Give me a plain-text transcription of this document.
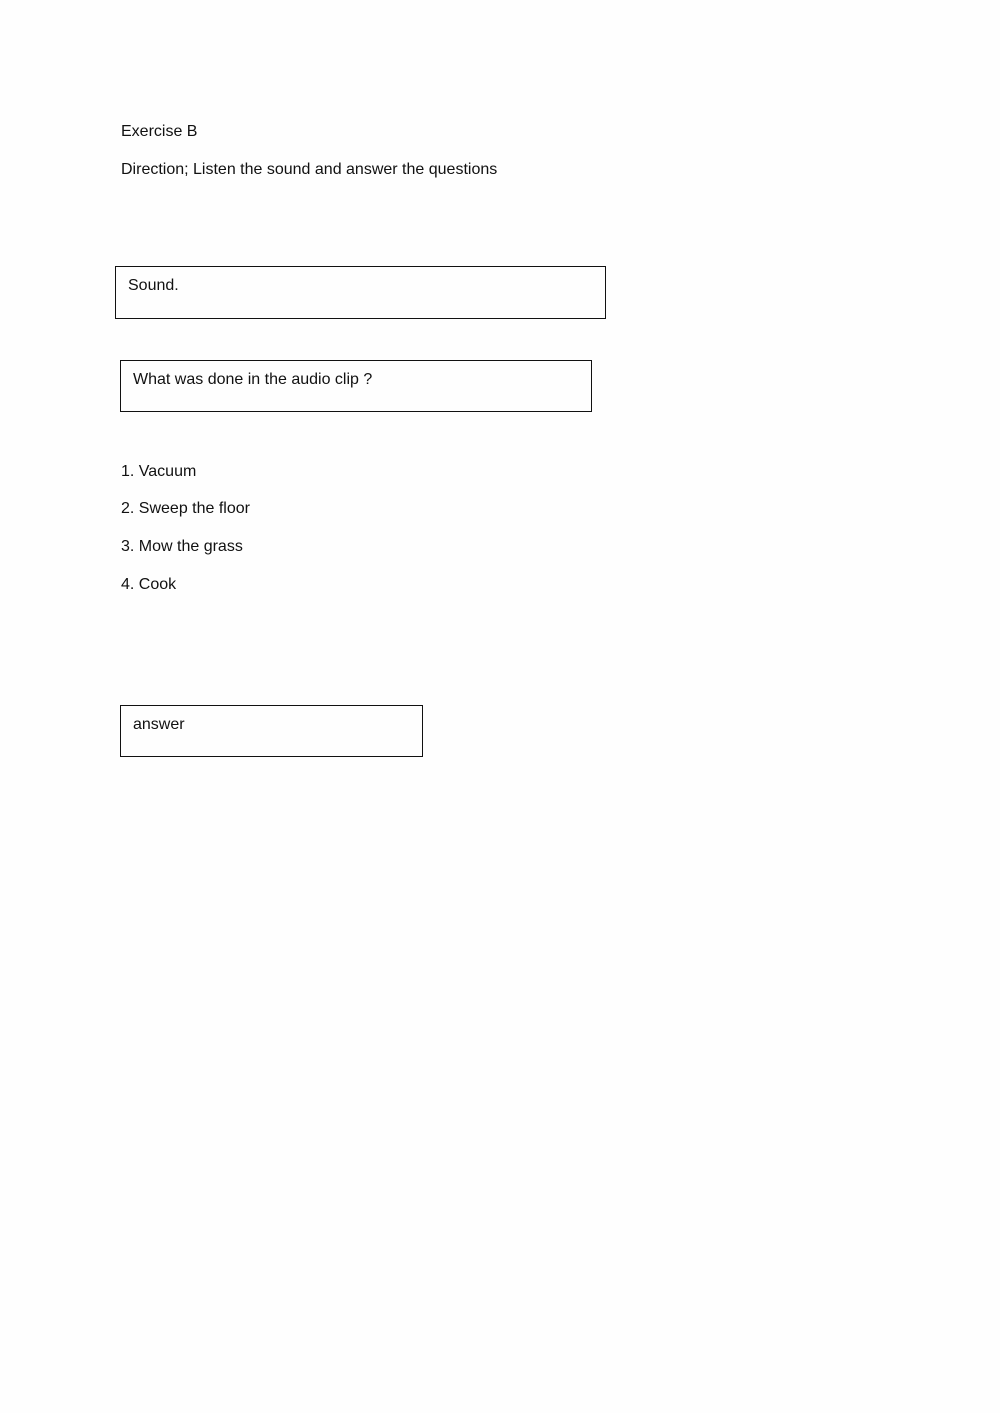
Exercise B
Direction; Listen the sound and answer the questions
Sound.
What was done in the audio clip ?
1. Vacuum
2. Sweep the floor
3. Mow the grass
4. Cook
answer
